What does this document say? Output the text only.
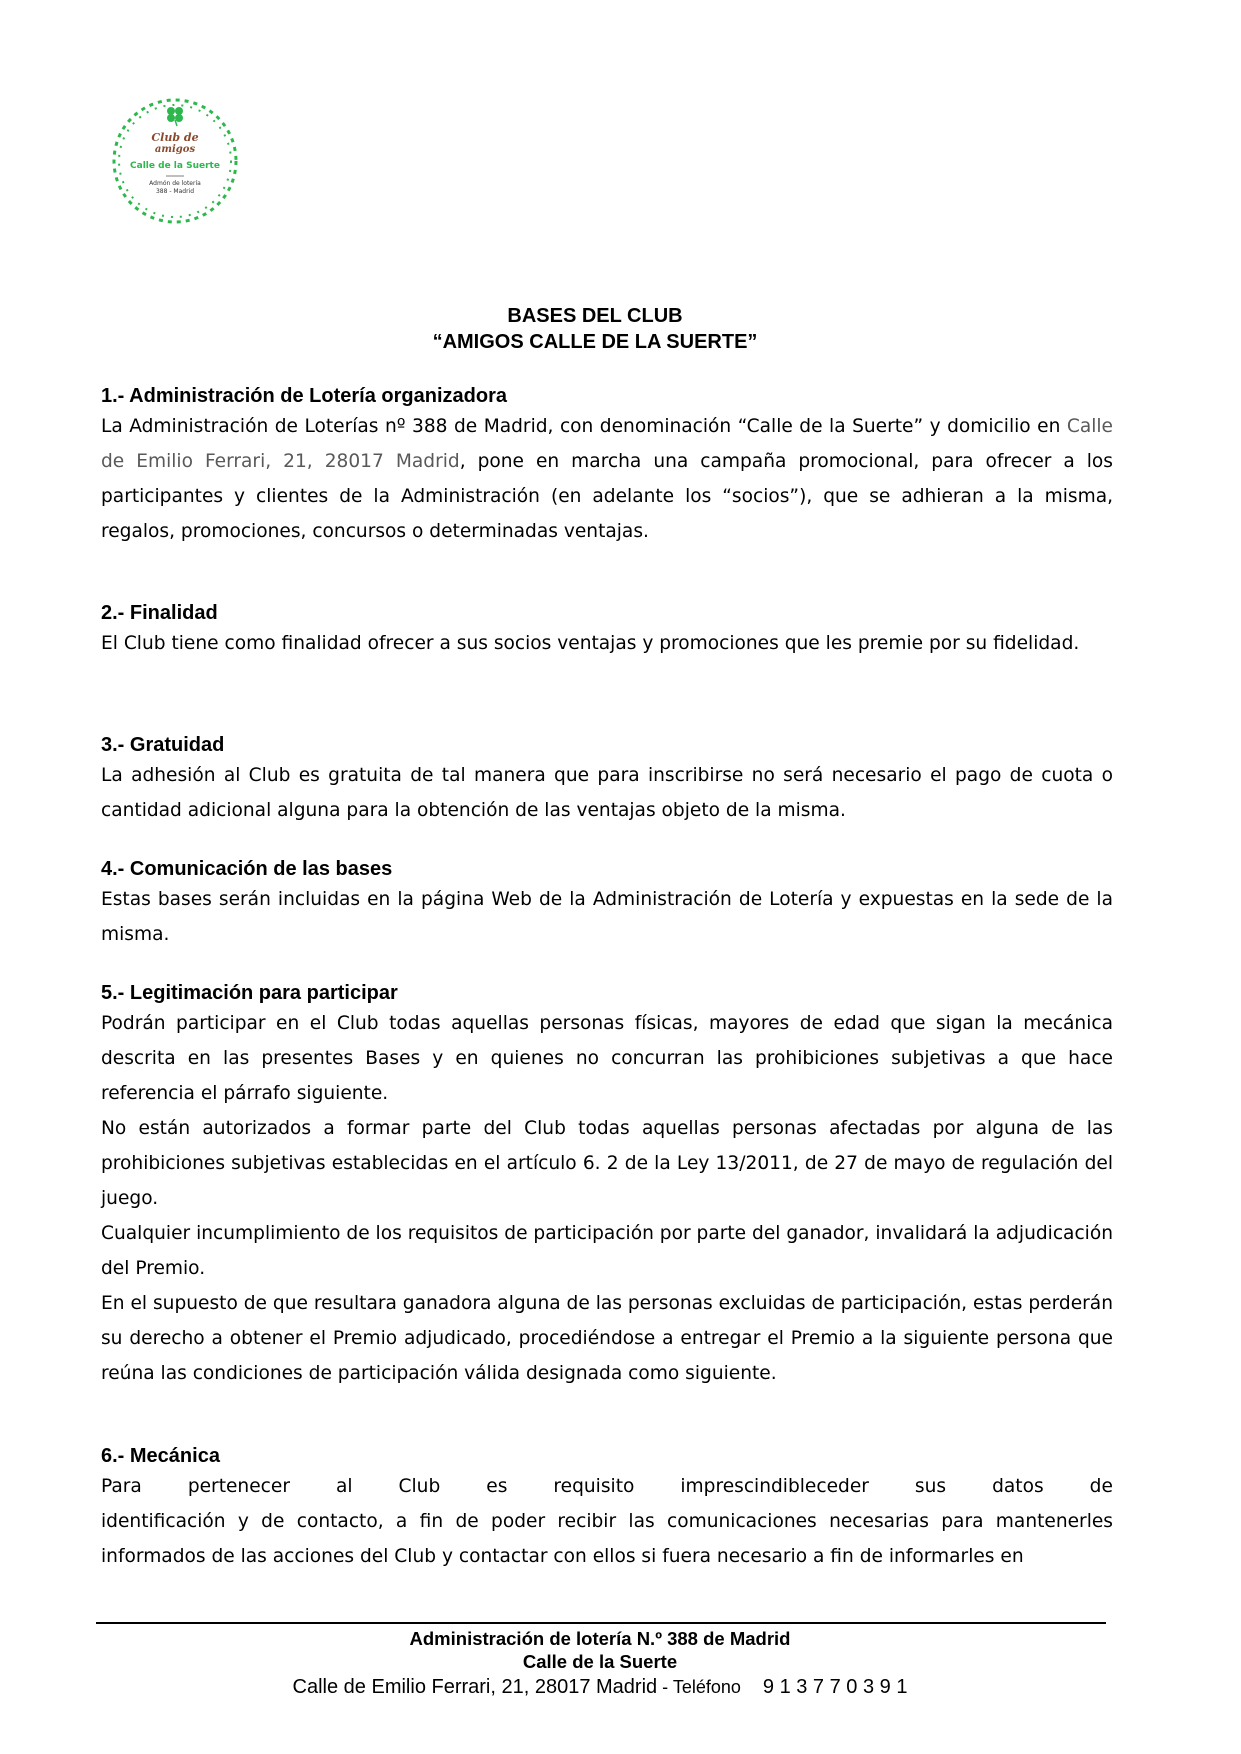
Club de
amigos
Calle de la Suerte
Admón de lotería
388 - Madrid
BASES DEL CLUB
“AMIGOS CALLE DE LA SUERTE”
1.- Administración de Lotería organizadora

La Administración de Loterías nº 388 de Madrid, con denominación “Calle de la Suerte” y domicilio en Calle de Emilio Ferrari, 21, 28017 Madrid, pone en marcha una campaña promocional, para ofrecer a los participantes y clientes de la Administración (en adelante los “socios”), que se adhieran a la misma, regalos, promociones, concursos o determinadas ventajas.

2.- Finalidad

El Club tiene como finalidad ofrecer a sus socios ventajas y promociones que les premie por su fidelidad.

3.- Gratuidad

La adhesión al Club es gratuita de tal manera que para inscribirse no será necesario el pago de cuota o cantidad adicional alguna para la obtención de las ventajas objeto de la misma.

4.- Comunicación de las bases

Estas bases serán incluidas en la página Web de la Administración de Lotería y expuestas en la sede de la misma.

5.- Legitimación para participar

Podrán participar en el Club todas aquellas personas físicas, mayores de edad que sigan la mecánica descrita en las presentes Bases y en quienes no concurran las prohibiciones subjetivas a que hace referencia el párrafo siguiente.

No están autorizados a formar parte del Club todas aquellas personas afectadas por alguna de las prohibiciones subjetivas establecidas en el artículo 6. 2 de la Ley 13/2011, de 27 de mayo de regulación del juego.

Cualquier incumplimiento de los requisitos de participación por parte del ganador, invalidará la adjudicación del Premio.

En el supuesto de que resultara ganadora alguna de las personas excluidas de participación, estas perderán su derecho a obtener el Premio adjudicado, procediéndose a entregar el Premio a la siguiente persona que reúna las condiciones de participación válida designada como siguiente.

6.- Mecánica
Para pertenecer al Club es requisito imprescindibleceder sus datos de

identificación y de contacto, a fin de poder recibir las comunicaciones necesarias para mantenerles informados de las acciones del Club y contactar con ellos si fuera necesario a fin de informarles en

Administración de lotería N.º 388 de Madrid
Calle de la Suerte
Calle de Emilio Ferrari, 21, 28017 Madrid - Teléfono 9 1 3 7 7 0 3 9 1
